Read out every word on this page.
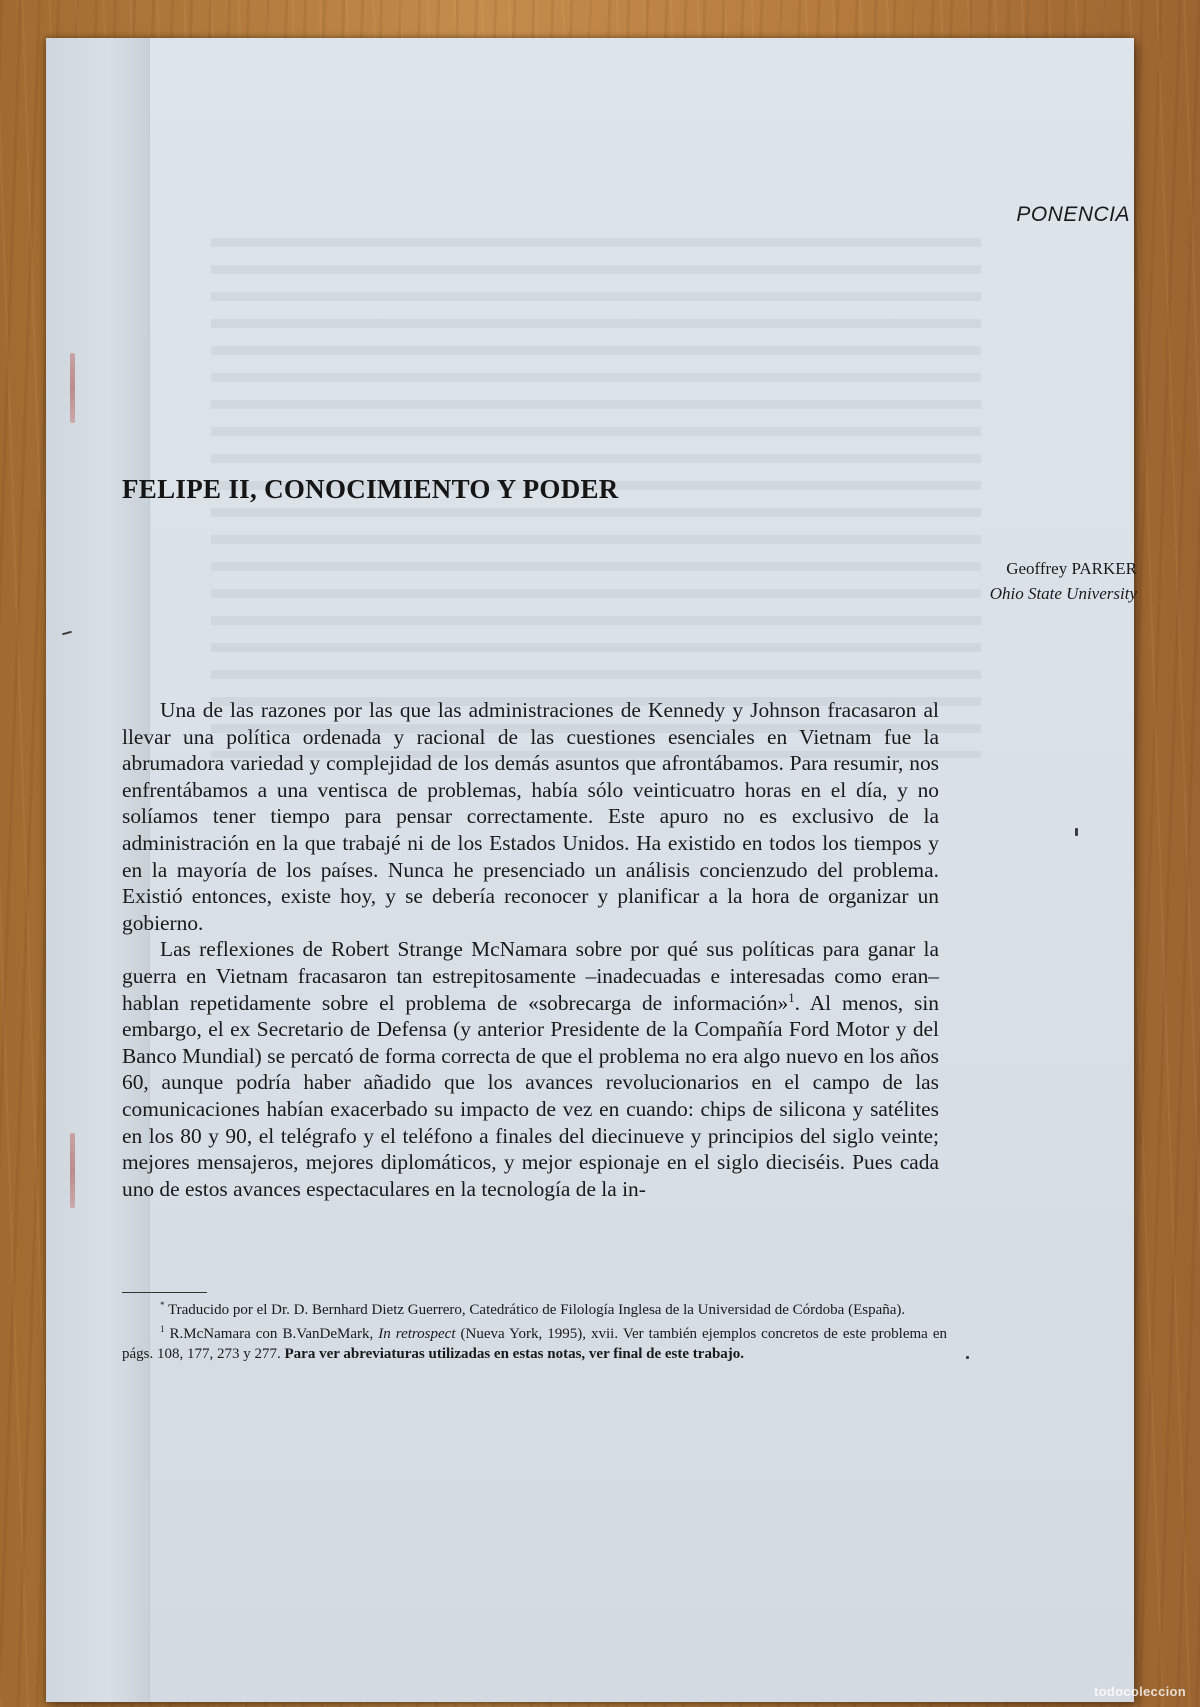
PONENCIA
FELIPE II, CONOCIMIENTO Y PODER
Geoffrey PARKER
Ohio State University

Una de las razones por las que las administraciones de Kennedy y Johnson fracasaron al llevar una política ordenada y racional de las cuestiones esenciales en Vietnam fue la abrumadora variedad y complejidad de los demás asuntos que afrontábamos. Para resumir, nos enfrentábamos a una ventisca de problemas, había sólo veinticuatro horas en el día, y no solíamos tener tiempo para pensar correctamente. Este apuro no es exclusivo de la administración en la que trabajé ni de los Estados Unidos. Ha existido en todos los tiempos y en la mayoría de los países. Nunca he presenciado un análisis concienzudo del problema. Existió entonces, existe hoy, y se debería reconocer y planificar a la hora de organizar un gobierno.

Las reflexiones de Robert Strange McNamara sobre por qué sus políticas para ganar la guerra en Vietnam fracasaron tan estrepitosamente –inadecuadas e interesadas como eran– hablan repetidamente sobre el problema de «sobrecarga de información»$^1$. Al menos, sin embargo, el ex Secretario de Defensa (y anterior Presidente de la Compañía Ford Motor y del Banco Mundial) se percató de forma correcta de que el problema no era algo nuevo en los años 60, aunque podría haber añadido que los avances revolucionarios en el campo de las comunicaciones habían exacerbado su impacto de vez en cuando: chips de silicona y satélites en los 80 y 90, el telégrafo y el teléfono a finales del diecinueve y principios del siglo veinte; mejores mensajeros, mejores diplomáticos, y mejor espionaje en el siglo dieciséis. Pues cada uno de estos avances espectaculares en la tecnología de la in-

* Traducido por el Dr. D. Bernhard Dietz Guerrero, Catedrático de Filología Inglesa de la Universidad de Córdoba (España).

$^1$ R.McNamara con B.VanDeMark, In retrospect (Nueva York, 1995), xvii. Ver también ejemplos concretos de este problema en págs. 108, 177, 273 y 277. Para ver abreviaturas utilizadas en estas notas, ver final de este trabajo.

todocoleccion
